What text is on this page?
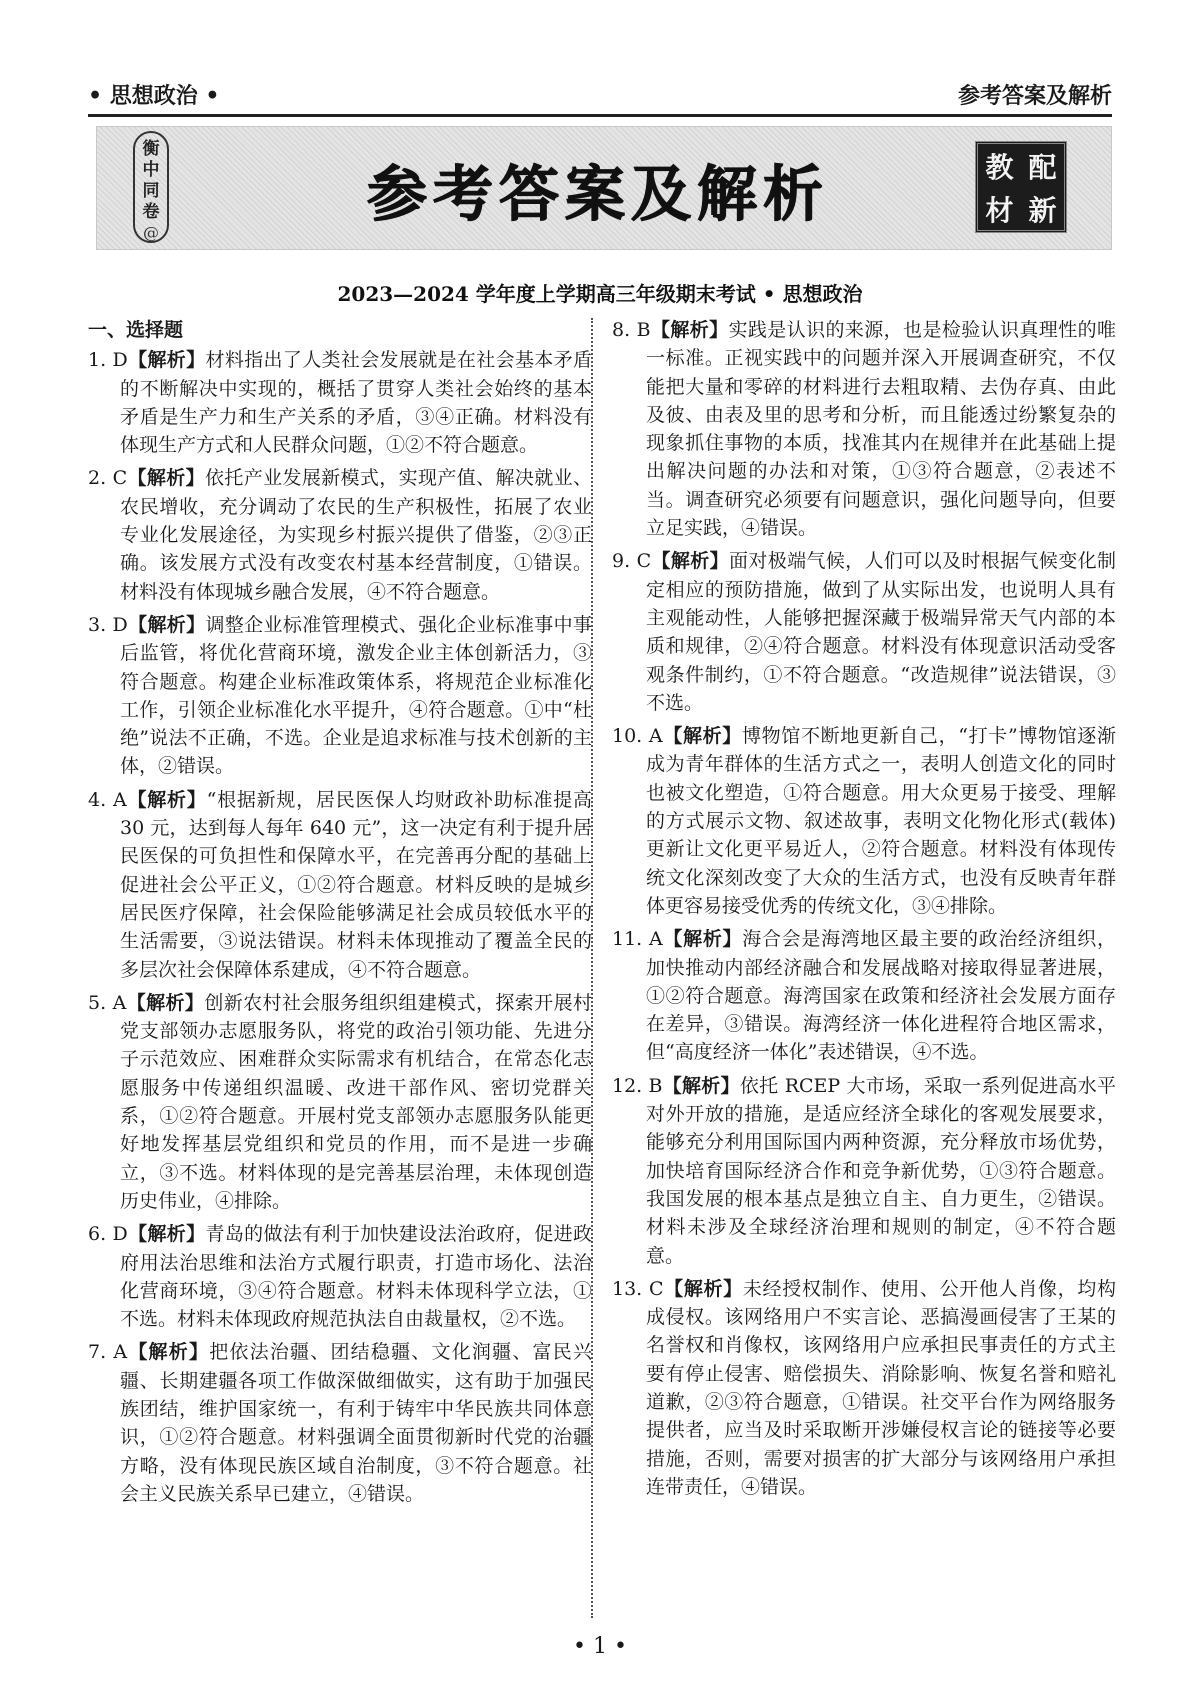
• 思想政治 •	参考答案及解析
衡
中
同
卷
@
参考答案及解析	教 配
材 新
2023—2024 学年度上学期高三年级期末考试 • 思想政治
一、选择题
1. D【解析】材料指出了人类社会发展就是在社会基本矛盾的不断解决中实现的，概括了贯穿人类社会始终的基本矛盾是生产力和生产关系的矛盾，③④正确。材料没有体现生产方式和人民群众问题，①②不符合题意。
2. C【解析】依托产业发展新模式，实现产值、解决就业、农民增收，充分调动了农民的生产积极性，拓展了农业专业化发展途径，为实现乡村振兴提供了借鉴，②③正确。该发展方式没有改变农村基本经营制度，①错误。材料没有体现城乡融合发展，④不符合题意。
3. D【解析】调整企业标准管理模式、强化企业标准事中事后监管，将优化营商环境，激发企业主体创新活力，③符合题意。构建企业标准政策体系，将规范企业标准化工作，引领企业标准化水平提升，④符合题意。①中“杜绝”说法不正确，不选。企业是追求标准与技术创新的主体，②错误。
4. A【解析】“根据新规，居民医保人均财政补助标准提高 30 元，达到每人每年 640 元”，这一决定有利于提升居民医保的可负担性和保障水平，在完善再分配的基础上促进社会公平正义，①②符合题意。材料反映的是城乡居民医疗保障，社会保险能够满足社会成员较低水平的生活需要，③说法错误。材料未体现推动了覆盖全民的多层次社会保障体系建成，④不符合题意。
5. A【解析】创新农村社会服务组织组建模式，探索开展村党支部领办志愿服务队，将党的政治引领功能、先进分子示范效应、困难群众实际需求有机结合，在常态化志愿服务中传递组织温暖、改进干部作风、密切党群关系，①②符合题意。开展村党支部领办志愿服务队能更好地发挥基层党组织和党员的作用，而不是进一步确立，③不选。材料体现的是完善基层治理，未体现创造历史伟业，④排除。
6. D【解析】青岛的做法有利于加快建设法治政府，促进政府用法治思维和法治方式履行职责，打造市场化、法治化营商环境，③④符合题意。材料未体现科学立法，①不选。材料未体现政府规范执法自由裁量权，②不选。
7. A【解析】把依法治疆、团结稳疆、文化润疆、富民兴疆、长期建疆各项工作做深做细做实，这有助于加强民族团结，维护国家统一，有利于铸牢中华民族共同体意识，①②符合题意。材料强调全面贯彻新时代党的治疆方略，没有体现民族区域自治制度，③不符合题意。社会主义民族关系早已建立，④错误。
8. B【解析】实践是认识的来源，也是检验认识真理性的唯一标准。正视实践中的问题并深入开展调查研究，不仅能把大量和零碎的材料进行去粗取精、去伪存真、由此及彼、由表及里的思考和分析，而且能透过纷繁复杂的现象抓住事物的本质，找准其内在规律并在此基础上提出解决问题的办法和对策，①③符合题意，②表述不当。调查研究必须要有问题意识，强化问题导向，但要立足实践，④错误。
9. C【解析】面对极端气候，人们可以及时根据气候变化制定相应的预防措施，做到了从实际出发，也说明人具有主观能动性，人能够把握深藏于极端异常天气内部的本质和规律，②④符合题意。材料没有体现意识活动受客观条件制约，①不符合题意。“改造规律”说法错误，③不选。
10. A【解析】博物馆不断地更新自己，“打卡”博物馆逐渐成为青年群体的生活方式之一，表明人创造文化的同时也被文化塑造，①符合题意。用大众更易于接受、理解的方式展示文物、叙述故事，表明文化物化形式(载体)更新让文化更平易近人，②符合题意。材料没有体现传统文化深刻改变了大众的生活方式，也没有反映青年群体更容易接受优秀的传统文化，③④排除。
11. A【解析】海合会是海湾地区最主要的政治经济组织，加快推动内部经济融合和发展战略对接取得显著进展，①②符合题意。海湾国家在政策和经济社会发展方面存在差异，③错误。海湾经济一体化进程符合地区需求，但“高度经济一体化”表述错误，④不选。
12. B【解析】依托 RCEP 大市场，采取一系列促进高水平对外开放的措施，是适应经济全球化的客观发展要求，能够充分利用国际国内两种资源，充分释放市场优势，加快培育国际经济合作和竞争新优势，①③符合题意。我国发展的根本基点是独立自主、自力更生，②错误。材料未涉及全球经济治理和规则的制定，④不符合题意。
13. C【解析】未经授权制作、使用、公开他人肖像，均构成侵权。该网络用户不实言论、恶搞漫画侵害了王某的名誉权和肖像权，该网络用户应承担民事责任的方式主要有停止侵害、赔偿损失、消除影响、恢复名誉和赔礼道歉，②③符合题意，①错误。社交平台作为网络服务提供者，应当及时采取断开涉嫌侵权言论的链接等必要措施，否则，需要对损害的扩大部分与该网络用户承担连带责任，④错误。
• 1 •
